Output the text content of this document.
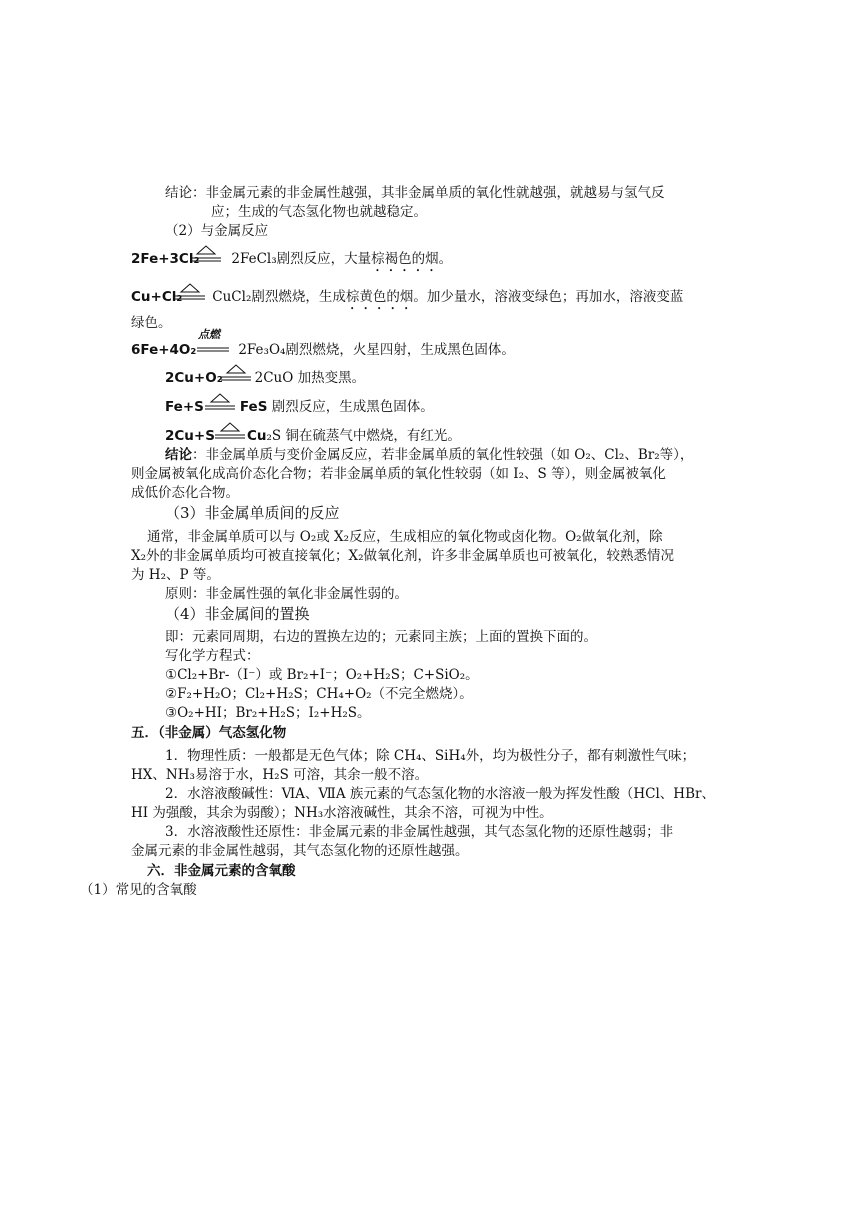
结论：非金属元素的非金属性越强，其非金属单质的氧化性就越强，就越易与氢气反
应；生成的气态氢化物也就越稳定。
（2）与金属反应
2Fe+3Cl₂ 2FeCl₃剧烈反应，大量棕褐色的烟。
Cu+Cl₂ CuCl₂剧烈燃烧，生成棕黄色的烟。加少量水，溶液变绿色；再加水，溶液变蓝
绿色。
6Fe+4O₂	2Fe₃O₄剧烈燃烧，火星四射，生成黑色固体。
点燃
2Cu+O₂ 2CuO 加热变黑。
Fe+S	FeS 剧烈反应，生成黑色固体。
2Cu+S Cu₂S 铜在硫蒸气中燃烧，有红光。
结论：非金属单质与变价金属反应，若非金属单质的氧化性较强（如 O₂、Cl₂、Br₂等），
则金属被氧化成高价态化合物；若非金属单质的氧化性较弱（如 I₂、S 等），则金属被氧化
成低价态化合物。
（3）非金属单质间的反应
通常，非金属单质可以与 O₂或 X₂反应，生成相应的氧化物或卤化物。O₂做氧化剂，除
X₂外的非金属单质均可被直接氧化；X₂做氧化剂，许多非金属单质也可被氧化，较熟悉情况
为 H₂、P 等。
原则：非金属性强的氧化非金属性弱的。
（4）非金属间的置换
即：元素同周期，右边的置换左边的；元素同主族；上面的置换下面的。
写化学方程式：
①Cl₂+Br-（I⁻）或 Br₂+I⁻；O₂+H₂S；C+SiO₂。
②F₂+H₂O；Cl₂+H₂S；CH₄+O₂（不完全燃烧）。
③O₂+HI；Br₂+H₂S；I₂+H₂S。
五．（非金属）气态氢化物
1．物理性质：一般都是无色气体；除 CH₄、SiH₄外，均为极性分子，都有刺激性气味；
HX、NH₃易溶于水，H₂S 可溶，其余一般不溶。
2．水溶液酸碱性：ⅥA、ⅦA 族元素的气态氢化物的水溶液一般为挥发性酸（HCl、HBr、
HI 为强酸，其余为弱酸）；NH₃水溶液碱性，其余不溶，可视为中性。
3．水溶液酸性还原性：非金属元素的非金属性越强，其气态氢化物的还原性越弱；非
金属元素的非金属性越弱，其气态氢化物的还原性越强。
六．非金属元素的含氧酸
（1）常见的含氧酸
